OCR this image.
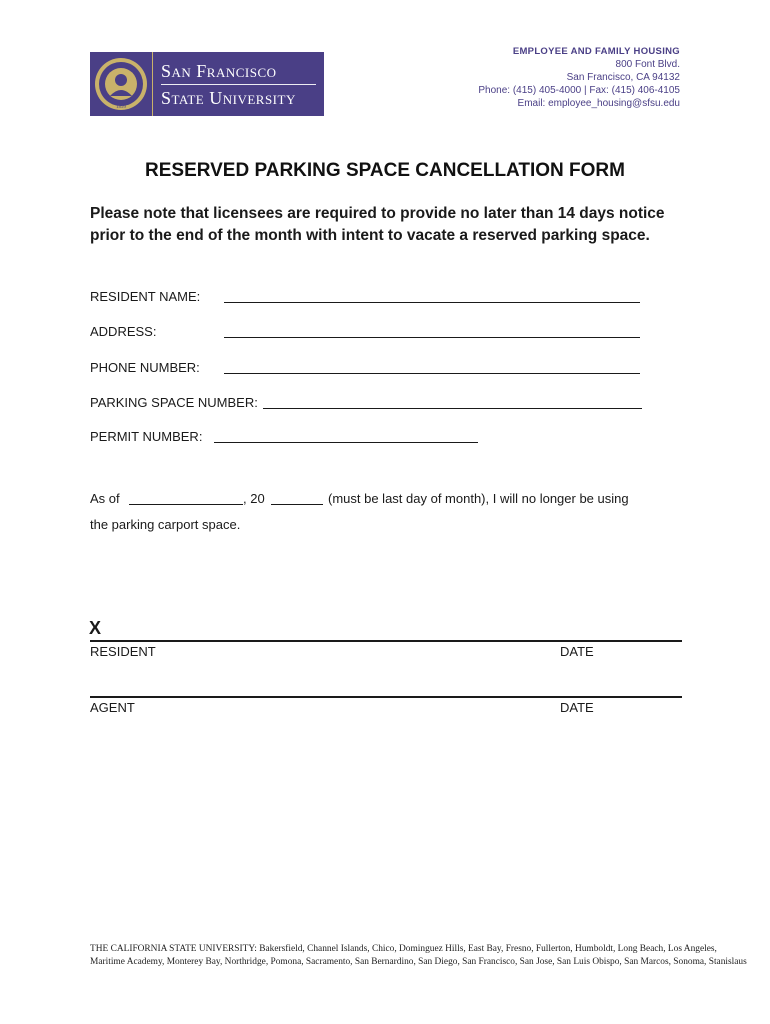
1899
San Francisco
State University
EMPLOYEE AND FAMILY HOUSING
800 Font Blvd.
San Francisco, CA 94132
Phone: (415) 405-4000 | Fax: (415) 406-4105
Email: employee_housing@sfsu.edu
RESERVED PARKING SPACE CANCELLATION FORM
Please note that licensees are required to provide no later than 14 days notice prior to the end of the month with intent to vacate a reserved parking space.
RESIDENT NAME:
ADDRESS:
PHONE NUMBER:
PARKING SPACE NUMBER:
PERMIT NUMBER:
As of	, 20	(must be last day of month), I will no longer be using
the parking carport space.
X
RESIDENT	DATE
AGENT	DATE
THE CALIFORNIA STATE UNIVERSITY: Bakersfield, Channel Islands, Chico, Dominguez Hills, East Bay, Fresno, Fullerton, Humboldt, Long Beach, Los Angeles,
Maritime Academy, Monterey Bay, Northridge, Pomona, Sacramento, San Bernardino, San Diego, San Francisco, San Jose, San Luis Obispo, San Marcos, Sonoma, Stanislaus
